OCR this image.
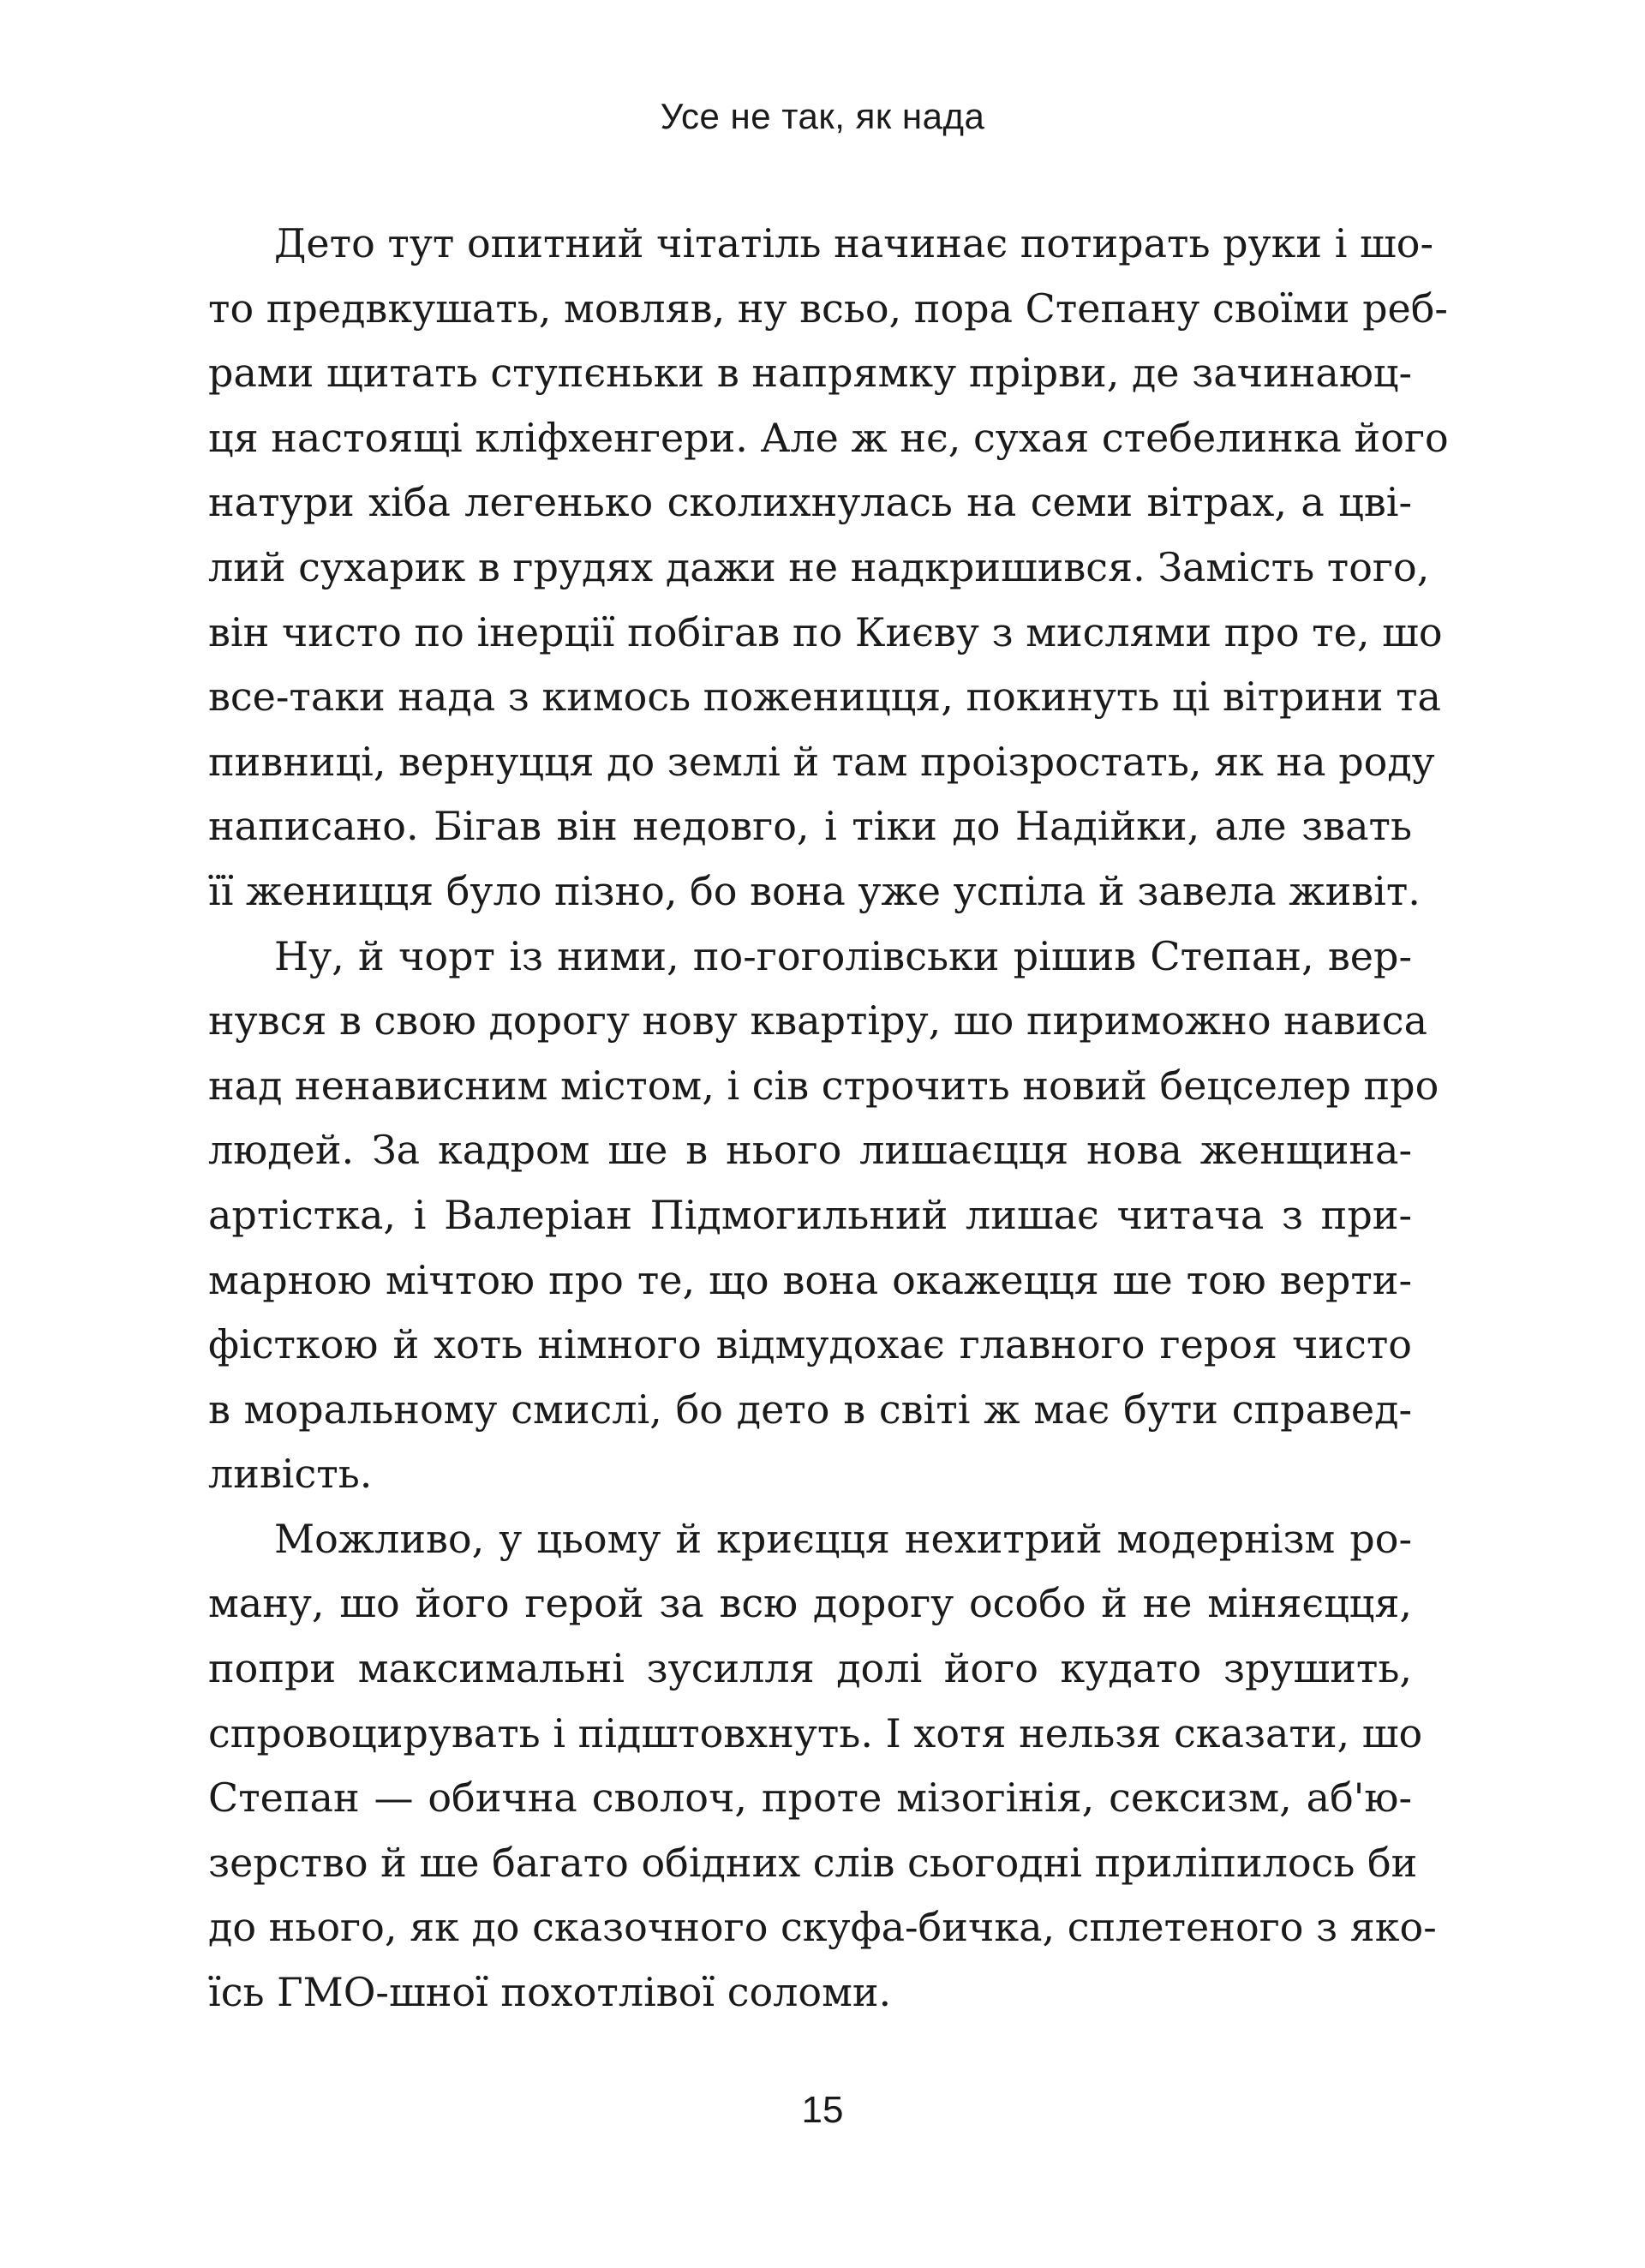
Усе не так, як нада

Дето тут опитний чітатіль начинає потирать руки і шо-
то предвкушать, мовляв, ну всьо, пора Степану своїми реб-
рами щитать ступєньки в напрямку прірви, де зачинаюц-
ця настоящі кліфхенгери. Але ж нє, сухая стебелинка його
натури хіба легенько сколихнулась на семи вітрах, а цві-
лий сухарик в грудях дажи не надкришився. Замість того,
він чисто по інерції побігав по Києву з мислями про те, шо
все-таки нада з кимось поженицця, покинуть ці вітрини та
пивниці, вернуцця до землі й там проізростать, як на роду
написано. Бігав він недовго, і тіки до Надійки, але звать
її женицця було пізно, бо вона уже успіла й завела живіт.

Ну, й чорт із ними, по-гоголівськи рішив Степан, вер-
нувся в свою дорогу нову квартіру, шо пириможно нависа
над ненависним містом, і сів строчить новий бецселер про
людей. За кадром ше в нього лишаєцця нова женщина-
артістка, і Валеріан Підмогильний лишає читача з при-
марною мічтою про те, що вона окажецця ше тою верти-
фісткою й хоть німного відмудохає главного героя чисто
в моральному смислі, бо дето в світі ж має бути справед-
ливість.

Можливо, у цьому й криєцця нехитрий модернізм ро-
ману, шо його герой за всю дорогу особо й не міняєцця,
попри максимальні зусилля долі його кудато зрушить,
спровоцирувать і підштовхнуть. І хотя нельзя сказати, шо
Степан — обична сволоч, проте мізогінія, сексизм, аб'ю-
зерство й ше багато обідних слів сьогодні приліпилось би
до нього, як до сказочного скуфа-бичка, сплетеного з яко-
їсь ГМО-шної похотлівої соломи.

15
